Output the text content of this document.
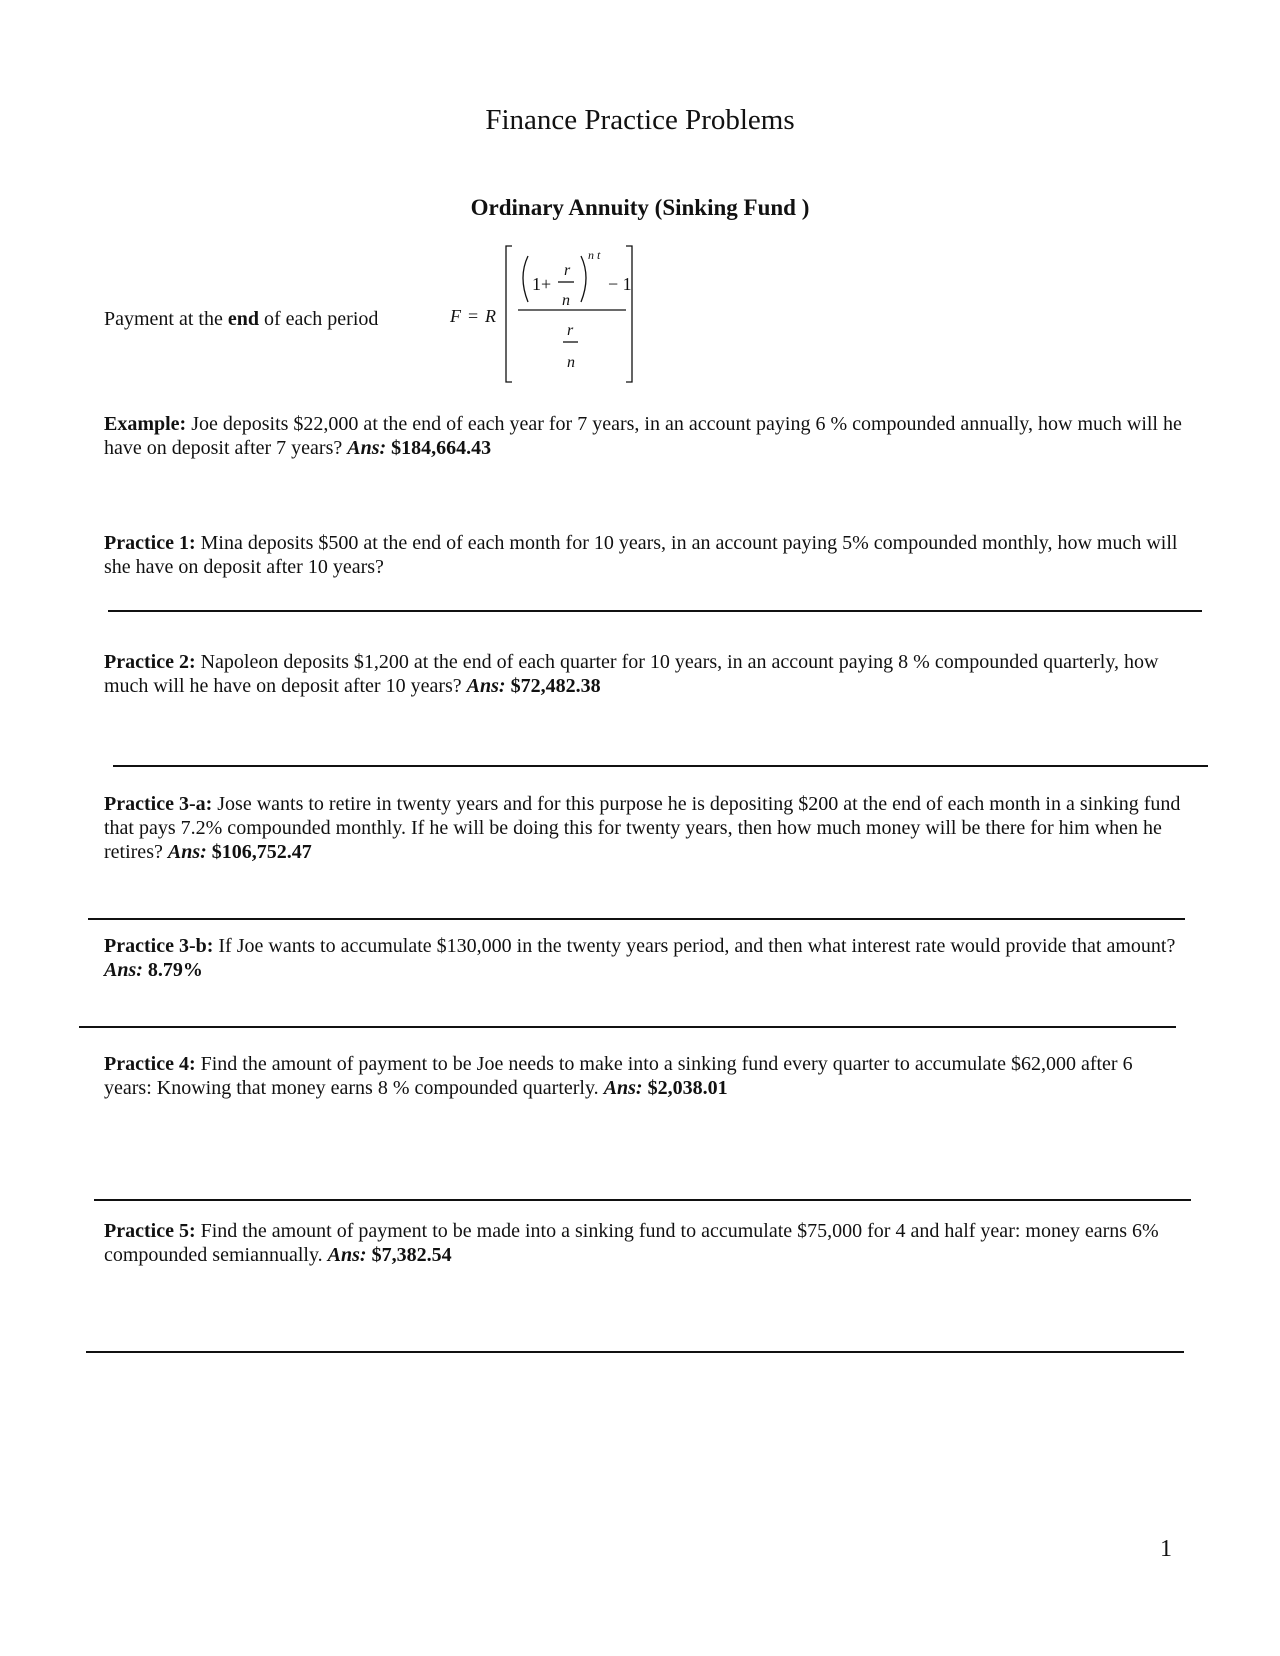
Finance Practice Problems
Ordinary Annuity (Sinking Fund )
Payment at the end of each period	F = R
1+
r
n
n t
− 1
r
n
Example: Joe deposits $22,000 at the end of each year for 7 years, in an account paying 6 % compounded annually, how much will he have on deposit after 7 years? Ans: $184,664.43
Practice 1: Mina deposits $500 at the end of each month for 10 years, in an account paying 5% compounded monthly, how much will she have on deposit after 10 years?
Practice 2: Napoleon deposits $1,200 at the end of each quarter for 10 years, in an account paying 8 % compounded quarterly, how much will he have on deposit after 10 years? Ans: $72,482.38
Practice 3-a: Jose wants to retire in twenty years and for this purpose he is depositing $200 at the end of each month in a sinking fund that pays 7.2% compounded monthly. If he will be doing this for twenty years, then how much money will be there for him when he retires? Ans: $106,752.47
Practice 3-b: If Joe wants to accumulate $130,000 in the twenty years period, and then what interest rate would provide that amount? Ans: 8.79%
Practice 4: Find the amount of payment to be Joe needs to make into a sinking fund every quarter to accumulate $62,000 after 6 years: Knowing that money earns 8 % compounded quarterly. Ans: $2,038.01
Practice 5: Find the amount of payment to be made into a sinking fund to accumulate $75,000 for 4 and half year: money earns 6% compounded semiannually. Ans: $7,382.54
1
